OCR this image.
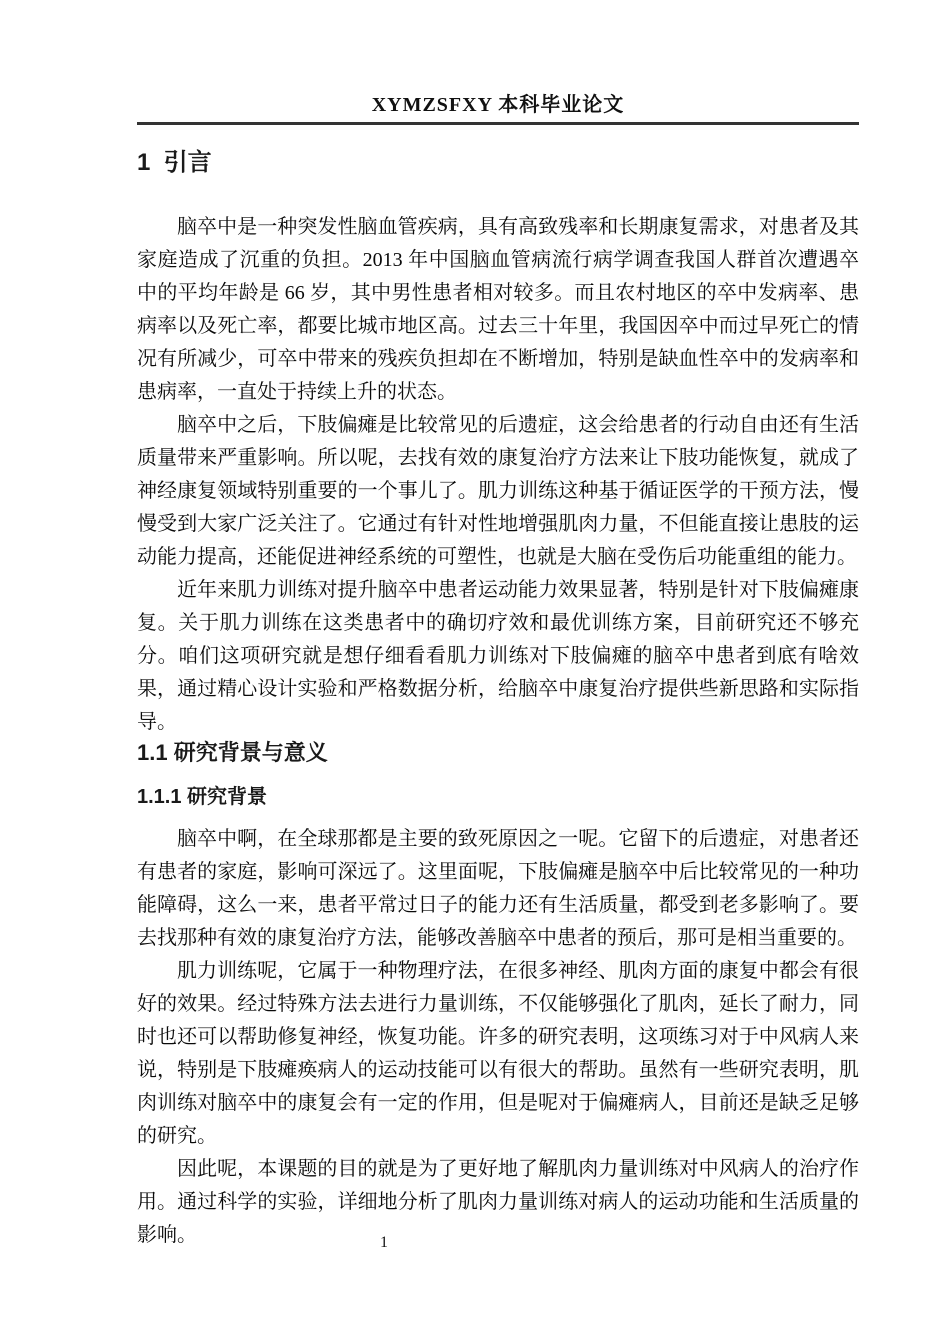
XYMZSFXY 本科毕业论文
1  引言

脑卒中是一种突发性脑血管疾病，具有高致残率和长期康复需求，对患者及其家庭造成了沉重的负担。2013 年中国脑血管病流行病学调查我国人群首次遭遇卒中的平均年龄是 66 岁，其中男性患者相对较多。而且农村地区的卒中发病率、患病率以及死亡率，都要比城市地区高。过去三十年里，我国因卒中而过早死亡的情况有所减少，可卒中带来的残疾负担却在不断增加，特别是缺血性卒中的发病率和患病率，一直处于持续上升的状态。

脑卒中之后，下肢偏瘫是比较常见的后遗症，这会给患者的行动自由还有生活质量带来严重影响。所以呢，去找有效的康复治疗方法来让下肢功能恢复，就成了神经康复领域特别重要的一个事儿了。肌力训练这种基于循证医学的干预方法，慢慢受到大家广泛关注了。它通过有针对性地增强肌肉力量，不但能直接让患肢的运动能力提高，还能促进神经系统的可塑性，也就是大脑在受伤后功能重组的能力。

近年来肌力训练对提升脑卒中患者运动能力效果显著，特别是针对下肢偏瘫康复。关于肌力训练在这类患者中的确切疗效和最优训练方案，目前研究还不够充分。咱们这项研究就是想仔细看看肌力训练对下肢偏瘫的脑卒中患者到底有啥效果，通过精心设计实验和严格数据分析，给脑卒中康复治疗提供些新思路和实际指导。

1.1 研究背景与意义
1.1.1 研究背景

脑卒中啊，在全球那都是主要的致死原因之一呢。它留下的后遗症，对患者还有患者的家庭，影响可深远了。这里面呢，下肢偏瘫是脑卒中后比较常见的一种功能障碍，这么一来，患者平常过日子的能力还有生活质量，都受到老多影响了。要去找那种有效的康复治疗方法，能够改善脑卒中患者的预后，那可是相当重要的。

肌力训练呢，它属于一种物理疗法，在很多神经、肌肉方面的康复中都会有很好的效果。经过特殊方法去进行力量训练，不仅能够强化了肌肉，延长了耐力，同时也还可以帮助修复神经，恢复功能。许多的研究表明，这项练习对于中风病人来说，特别是下肢瘫痪病人的运动技能可以有很大的帮助。虽然有一些研究表明，肌肉训练对脑卒中的康复会有一定的作用，但是呢对于偏瘫病人，目前还是缺乏足够的研究。

因此呢，本课题的目的就是为了更好地了解肌肉力量训练对中风病人的治疗作用。通过科学的实验，详细地分析了肌肉力量训练对病人的运动功能和生活质量的影响。	1
